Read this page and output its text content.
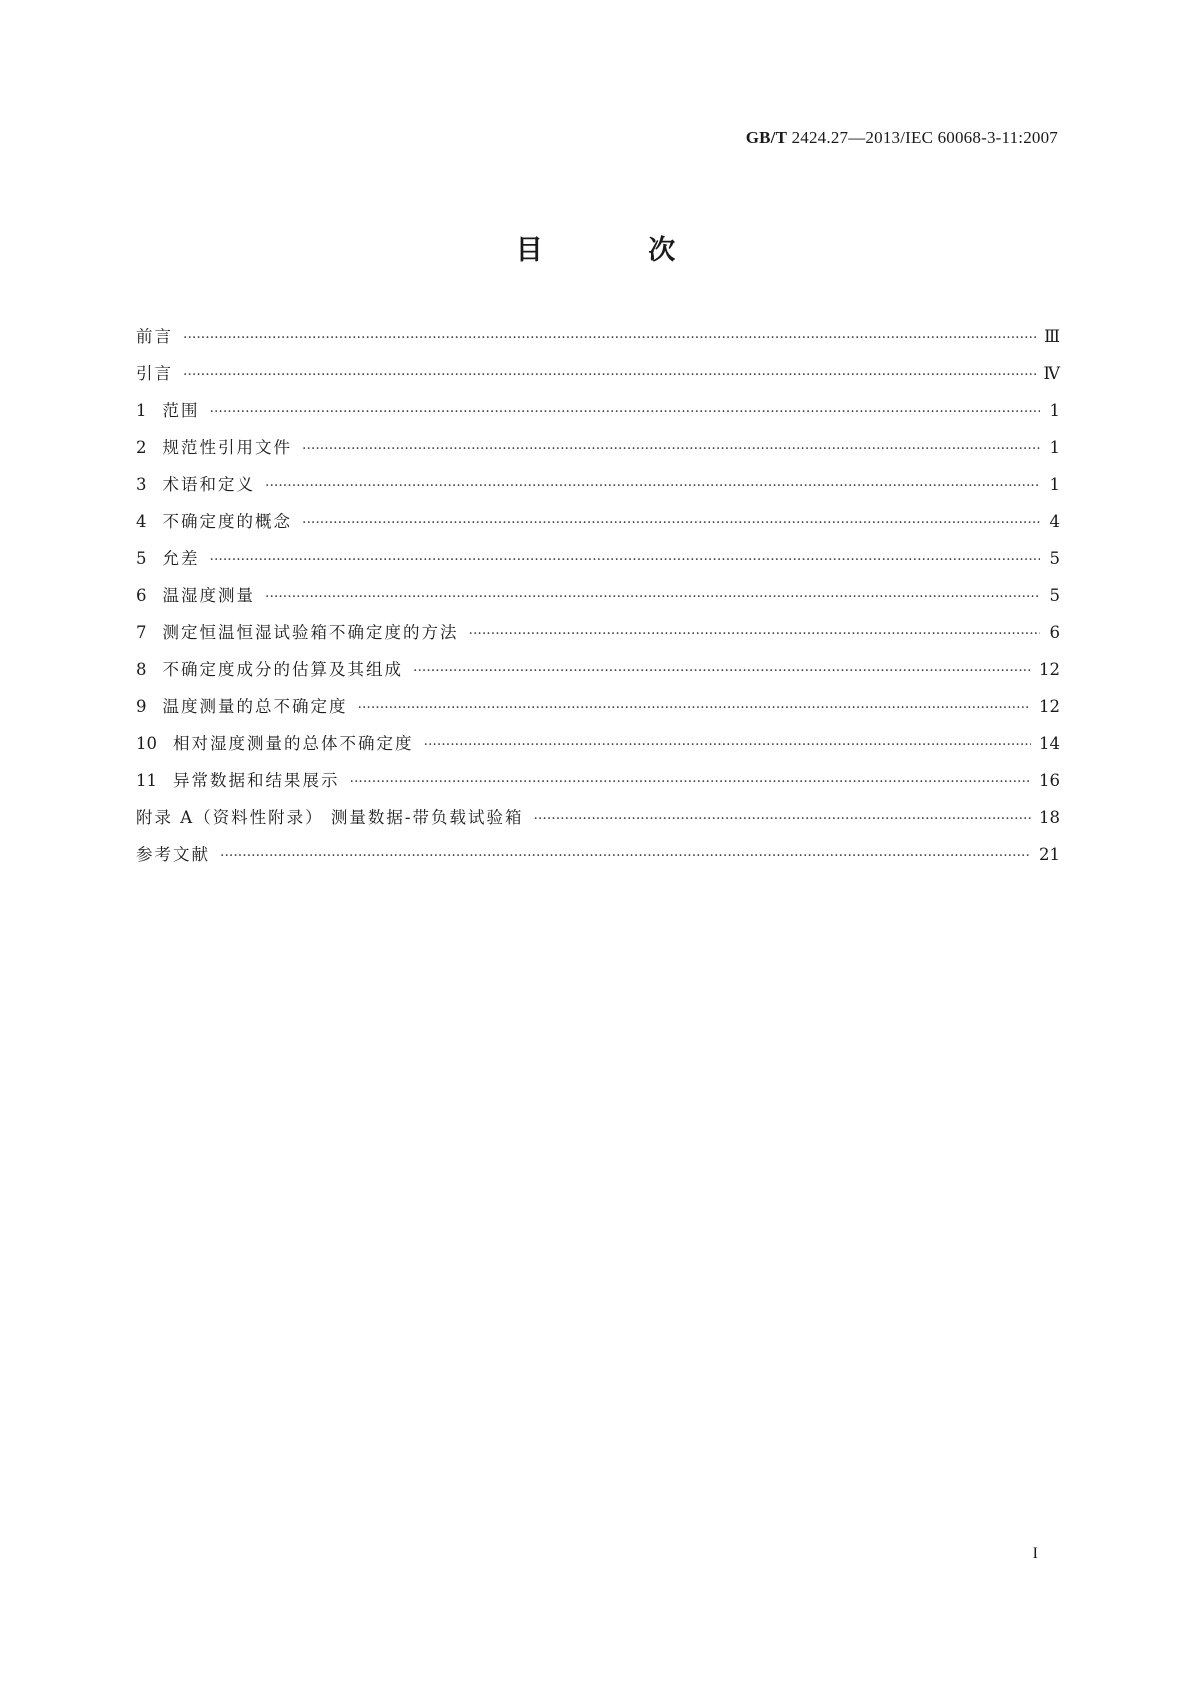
GB/T 2424.27—2013/IEC 60068-3-11:2007
目 次
前言 ·····	Ⅲ
引言 ·····	Ⅳ
1 范围 ·····	1
2 规范性引用文件 ·····	1
3 术语和定义 ·····	1
4 不确定度的概念 ·····	4
5 允差 ·····	5
6 温湿度测量 ·····	5
7 测定恒温恒湿试验箱不确定度的方法 ·····	6
8 不确定度成分的估算及其组成 ·····	12
9 温度测量的总不确定度 ·····	12
10 相对湿度测量的总体不确定度 ·····	14
11 异常数据和结果展示 ·····	16
附录 A（资料性附录） 测量数据-带负载试验箱 ·····	18
参考文献 ·····	21
I
